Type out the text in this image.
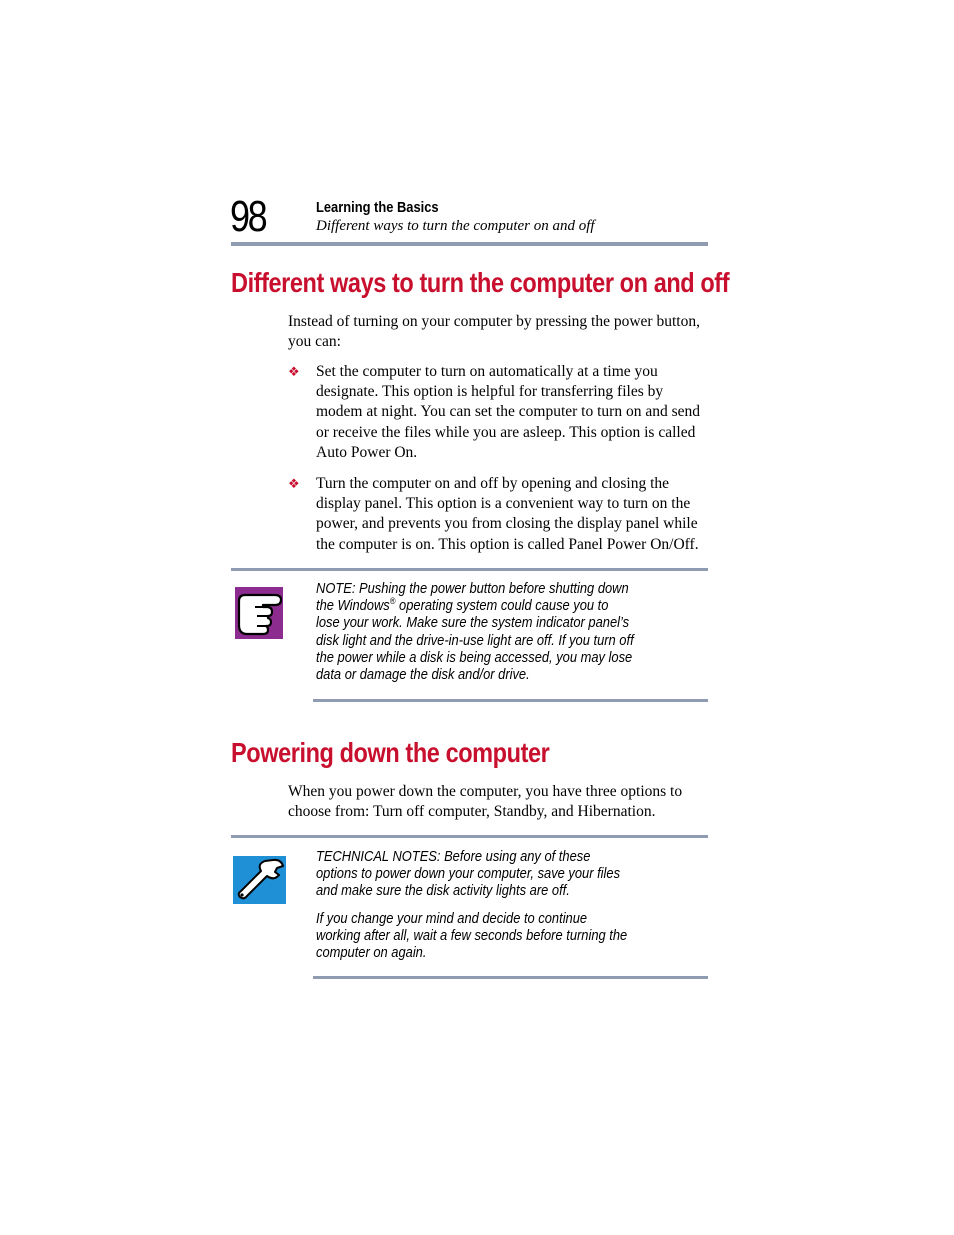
98	Learning the Basics
Different ways to turn the computer on and off
Different ways to turn the computer on and off

Instead of turning on your computer by pressing the power button, you can:

❖ Set the computer to turn on automatically at a time you designate. This option is helpful for transferring files by modem at night. You can set the computer to turn on and send or receive the files while you are asleep. This option is called Auto Power On.
❖ Turn the computer on and off by opening and closing the display panel. This option is a convenient way to turn on the power, and prevents you from closing the display panel while the computer is on. This option is called Panel Power On/Off.

NOTE: Pushing the power button before shutting down the Windows® operating system could cause you to lose your work. Make sure the system indicator panel’s disk light and the drive-in-use light are off. If you turn off the power while a disk is being accessed, you may lose data or damage the disk and/or drive.

Powering down the computer

When you power down the computer, you have three options to choose from: Turn off computer, Standby, and Hibernation.

TECHNICAL NOTES: Before using any of these options to power down your computer, save your files and make sure the disk activity lights are off.

If you change your mind and decide to continue working after all, wait a few seconds before turning the computer on again.
